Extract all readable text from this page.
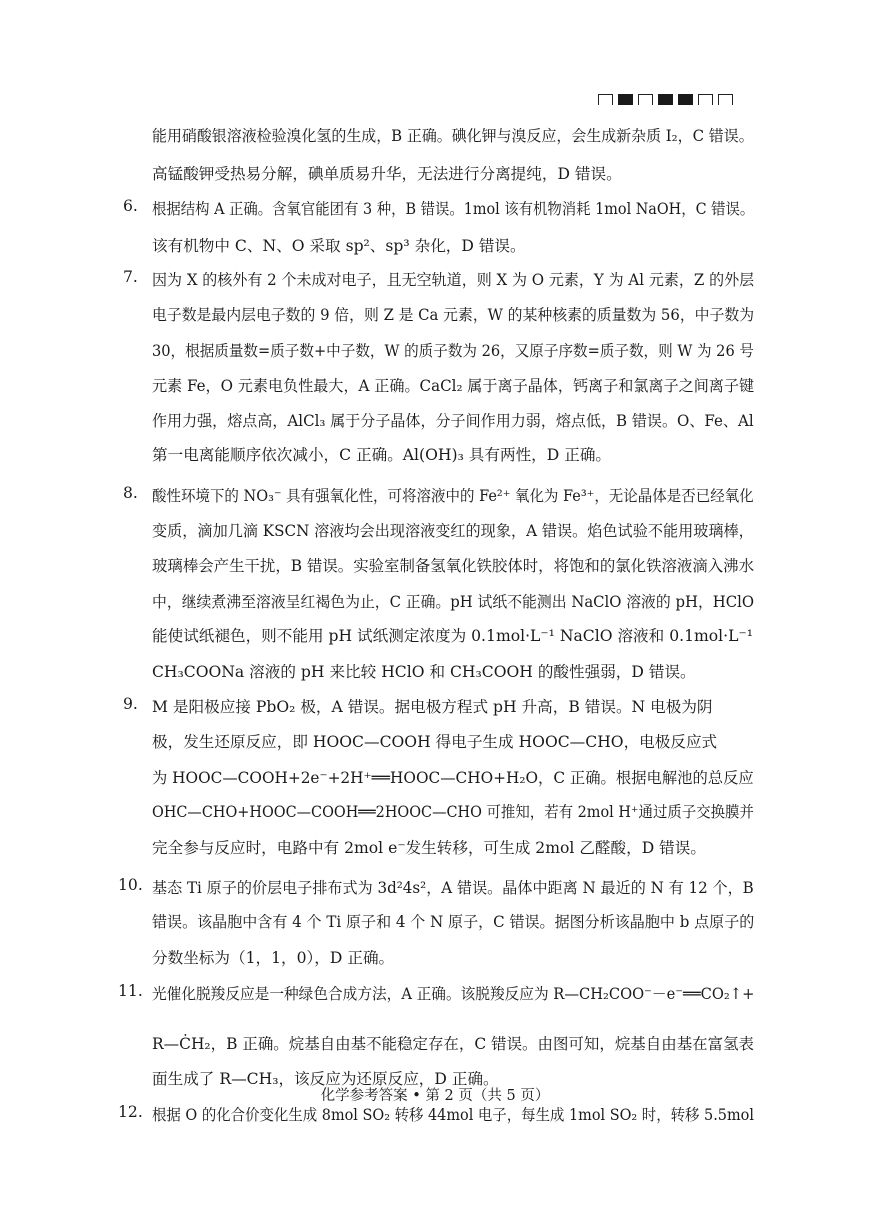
能用硝酸银溶液检验溴化氢的生成，B 正确。碘化钾与溴反应，会生成新杂质 I₂，C 错误。
高锰酸钾受热易分解，碘单质易升华，无法进行分离提纯，D 错误。
6. 根据结构 A 正确。含氧官能团有 3 种，B 错误。1mol 该有机物消耗 1mol NaOH，C 错误。
该有机物中 C、N、O 采取 sp²、sp³ 杂化，D 错误。
7. 因为 X 的核外有 2 个未成对电子，且无空轨道，则 X 为 O 元素，Y 为 Al 元素，Z 的外层
电子数是最内层电子数的 9 倍，则 Z 是 Ca 元素，W 的某种核素的质量数为 56，中子数为
30，根据质量数=质子数+中子数，W 的质子数为 26，又原子序数=质子数，则 W 为 26 号
元素 Fe，O 元素电负性最大，A 正确。CaCl₂ 属于离子晶体，钙离子和氯离子之间离子键
作用力强，熔点高，AlCl₃ 属于分子晶体，分子间作用力弱，熔点低，B 错误。O、Fe、Al
第一电离能顺序依次减小，C 正确。Al(OH)₃ 具有两性，D 正确。
8. 酸性环境下的 NO₃⁻ 具有强氧化性，可将溶液中的 Fe²⁺ 氧化为 Fe³⁺，无论晶体是否已经氧化
变质，滴加几滴 KSCN 溶液均会出现溶液变红的现象，A 错误。焰色试验不能用玻璃棒，
玻璃棒会产生干扰，B 错误。实验室制备氢氧化铁胶体时，将饱和的氯化铁溶液滴入沸水
中，继续煮沸至溶液呈红褐色为止，C 正确。pH 试纸不能测出 NaClO 溶液的 pH，HClO
能使试纸褪色，则不能用 pH 试纸测定浓度为 0.1mol·L⁻¹ NaClO 溶液和 0.1mol·L⁻¹
CH₃COONa 溶液的 pH 来比较 HClO 和 CH₃COOH 的酸性强弱，D 错误。
9. M 是阳极应接 PbO₂ 极，A 错误。据电极方程式 pH 升高，B 错误。N 电极为阴
极，发生还原反应，即 HOOC—COOH 得电子生成 HOOC—CHO，电极反应式
为 HOOC—COOH+2e⁻+2H⁺══HOOC—CHO+H₂O，C 正确。根据电解池的总反应
OHC—CHO+HOOC—COOH══2HOOC—CHO 可推知，若有 2mol H⁺通过质子交换膜并
完全参与反应时，电路中有 2mol e⁻发生转移，可生成 2mol 乙醛酸，D 错误。
10. 基态 Ti 原子的价层电子排布式为 3d²4s²，A 错误。晶体中距离 N 最近的 N 有 12 个，B
错误。该晶胞中含有 4 个 Ti 原子和 4 个 N 原子，C 错误。据图分析该晶胞中 b 点原子的
分数坐标为（1，1，0），D 正确。
11. 光催化脱羧反应是一种绿色合成方法，A 正确。该脱羧反应为 R—CH₂COO⁻－e⁻══CO₂↑+
R—ĊH₂，B 正确。烷基自由基不能稳定存在，C 错误。由图可知，烷基自由基在富氢表
面生成了 R—CH₃，该反应为还原反应，D 正确。
12. 根据 O 的化合价变化生成 8mol SO₂ 转移 44mol 电子，每生成 1mol SO₂ 时，转移 5.5mol
化学参考答案 • 第 2 页（共 5 页）
